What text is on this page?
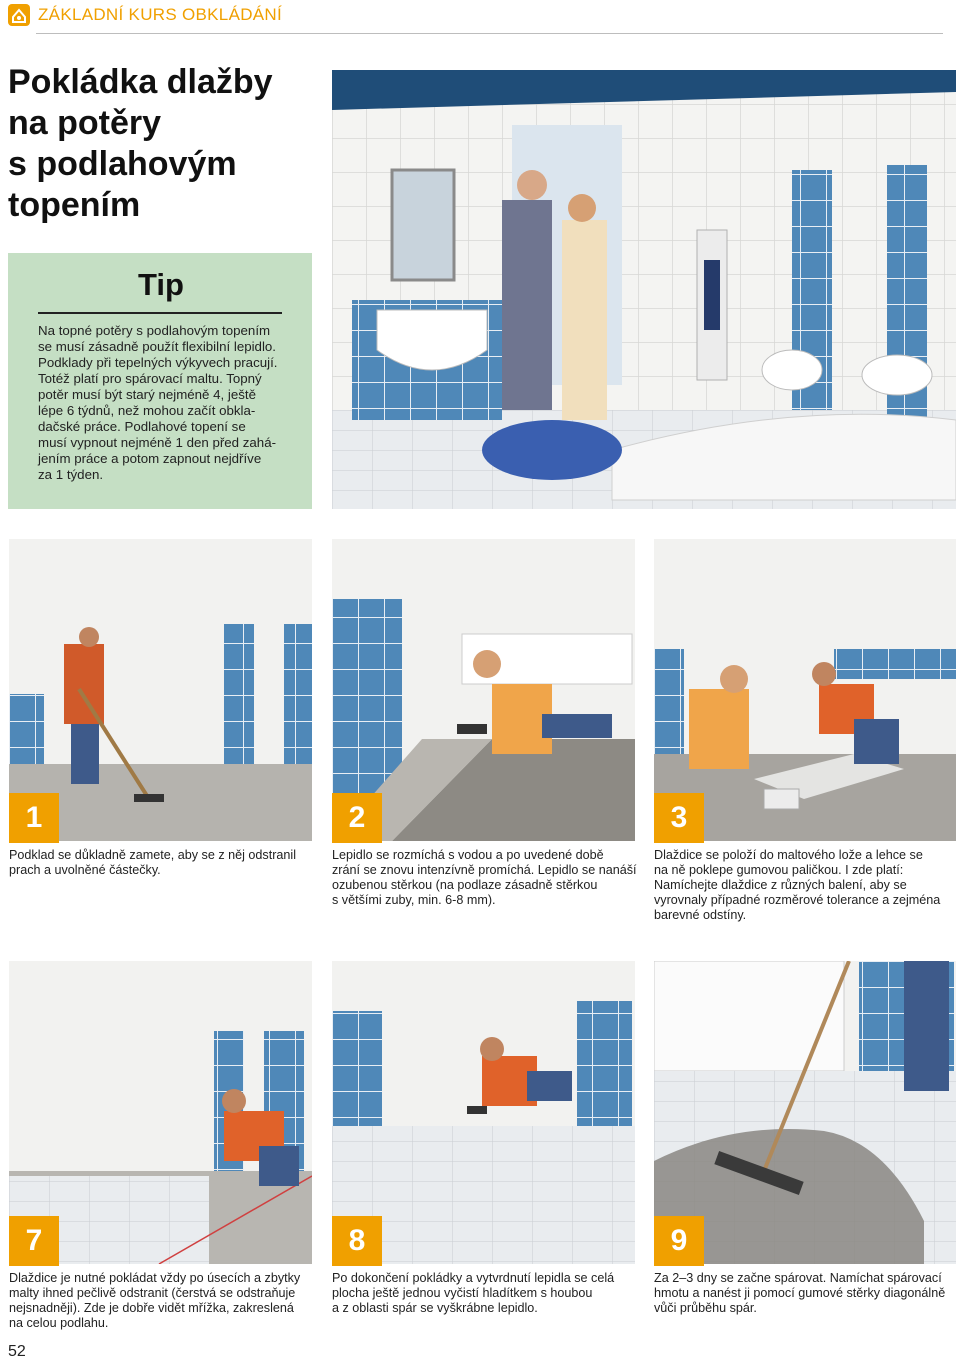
ZÁKLADNÍ KURS OBKLÁDÁNÍ
Pokládka dlažby
na potěry
s podlahovým
topením
Tip
Na topné potěry s podlahovým topením
se musí zásadně použít flexibilní lepidlo.
Podklady při tepelných výkyvech pracují.
Totéž platí pro spárovací maltu. Topný
potěr musí být starý nejméně 4, ještě
lépe 6 týdnů, než mohou začít obkla-
dačské práce. Podlahové topení se
musí vypnout nejméně 1 den před zahá-
jením práce a potom zapnout nejdříve
za 1 týden.
1
Podklad se důkladně zamete, aby se z něj odstranil
prach a uvolněné částečky.
2
Lepidlo se rozmíchá s vodou a po uvedené době
zrání se znovu intenzívně promíchá. Lepidlo se nanáší
ozubenou stěrkou (na podlaze zásadně stěrkou
s většími zuby, min. 6-8 mm).
3
Dlaždice se položí do maltového lože a lehce se
na ně poklepe gumovou paličkou. I zde platí:
Namíchejte dlaždice z různých balení, aby se
vyrovnaly případné rozměrové tolerance a zejména
barevné odstíny.
7
Dlaždice je nutné pokládat vždy po úsecích a zbytky
malty ihned pečlivě odstranit (čerstvá se odstraňuje
nejsnadněji). Zde je dobře vidět mřížka, zakreslená
na celou podlahu.
8
Po dokončení pokládky a vytvrdnutí lepidla se celá
plocha ještě jednou vyčistí hladítkem s houbou
a z oblasti spár se vyškrábne lepidlo.
9
Za 2–3 dny se začne spárovat. Namíchat spárovací
hmotu a nanést ji pomocí gumové stěrky diagonálně
vůči průběhu spár.
52
